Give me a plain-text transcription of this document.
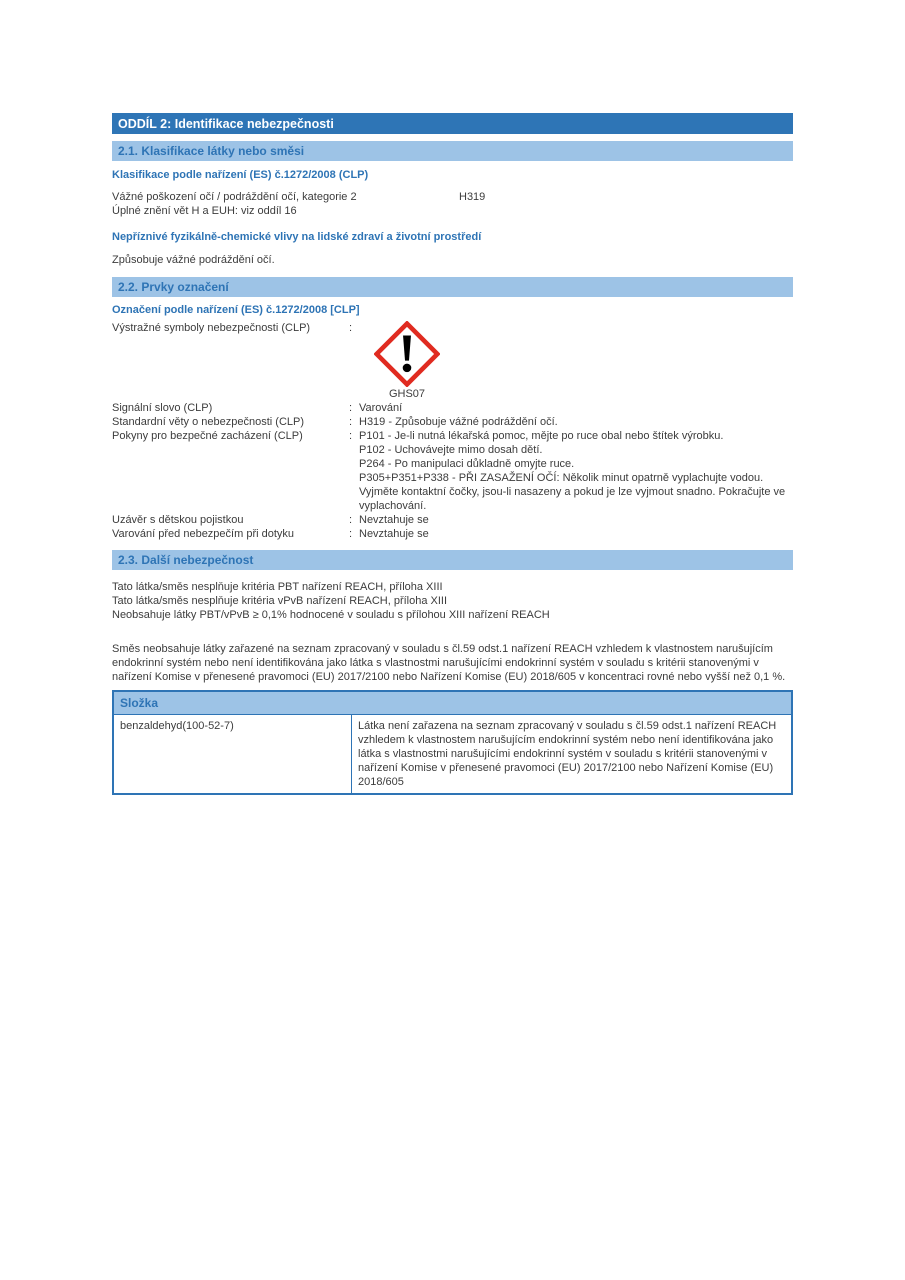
ODDÍL 2: Identifikace nebezpečnosti
2.1. Klasifikace látky nebo směsi
Klasifikace podle nařízení (ES) č.1272/2008 (CLP)
Vážné poškození očí / podráždění očí, kategorie 2	H319
Úplné znění vět H a EUH: viz oddíl 16
Nepříznivé fyzikálně-chemické vlivy na lidské zdraví a životní prostředí
Způsobuje vážné podráždění očí.
2.2. Prvky označení
Označení podle nařízení (ES) č.1272/2008 [CLP]
Výstražné symboly nebezpečnosti (CLP)	:
GHS07
Signální slovo (CLP)	: Varování
Standardní věty o nebezpečnosti (CLP)	: H319 - Způsobuje vážné podráždění očí.
Pokyny pro bezpečné zacházení (CLP)	: P101 - Je-li nutná lékařská pomoc, mějte po ruce obal nebo štítek výrobku.
P102 - Uchovávejte mimo dosah dětí.
P264 - Po manipulaci důkladně omyjte ruce.
P305+P351+P338 - PŘI ZASAŽENÍ OČÍ: Několik minut opatrně vyplachujte vodou. Vyjměte kontaktní čočky, jsou-li nasazeny a pokud je lze vyjmout snadno. Pokračujte ve vyplachování.
Uzávěr s dětskou pojistkou	: Nevztahuje se
Varování před nebezpečím při dotyku	: Nevztahuje se
2.3. Další nebezpečnost
Tato látka/směs nesplňuje kritéria PBT nařízení REACH, příloha XIII
Tato látka/směs nesplňuje kritéria vPvB nařízení REACH, příloha XIII
Neobsahuje látky PBT/vPvB ≥ 0,1% hodnocené v souladu s přílohou XIII nařízení REACH
Směs neobsahuje látky zařazené na seznam zpracovaný v souladu s čl.59 odst.1 nařízení REACH vzhledem k vlastnostem narušujícím endokrinní systém nebo není identifikována jako látka s vlastnostmi narušujícími endokrinní systém v souladu s kritérii stanovenými v nařízení Komise v přenesené pravomoci (EU) 2017/2100 nebo Nařízení Komise (EU) 2018/605 v koncentraci rovné nebo vyšší než 0,1 %.
Složka
benzaldehyd(100-52-7)	Látka není zařazena na seznam zpracovaný v souladu s čl.59 odst.1 nařízení REACH vzhledem k vlastnostem narušujícím endokrinní systém nebo není identifikována jako látka s vlastnostmi narušujícími endokrinní systém v souladu s kritérii stanovenými v nařízení Komise v přenesené pravomoci (EU) 2017/2100 nebo Nařízení Komise (EU) 2018/605
